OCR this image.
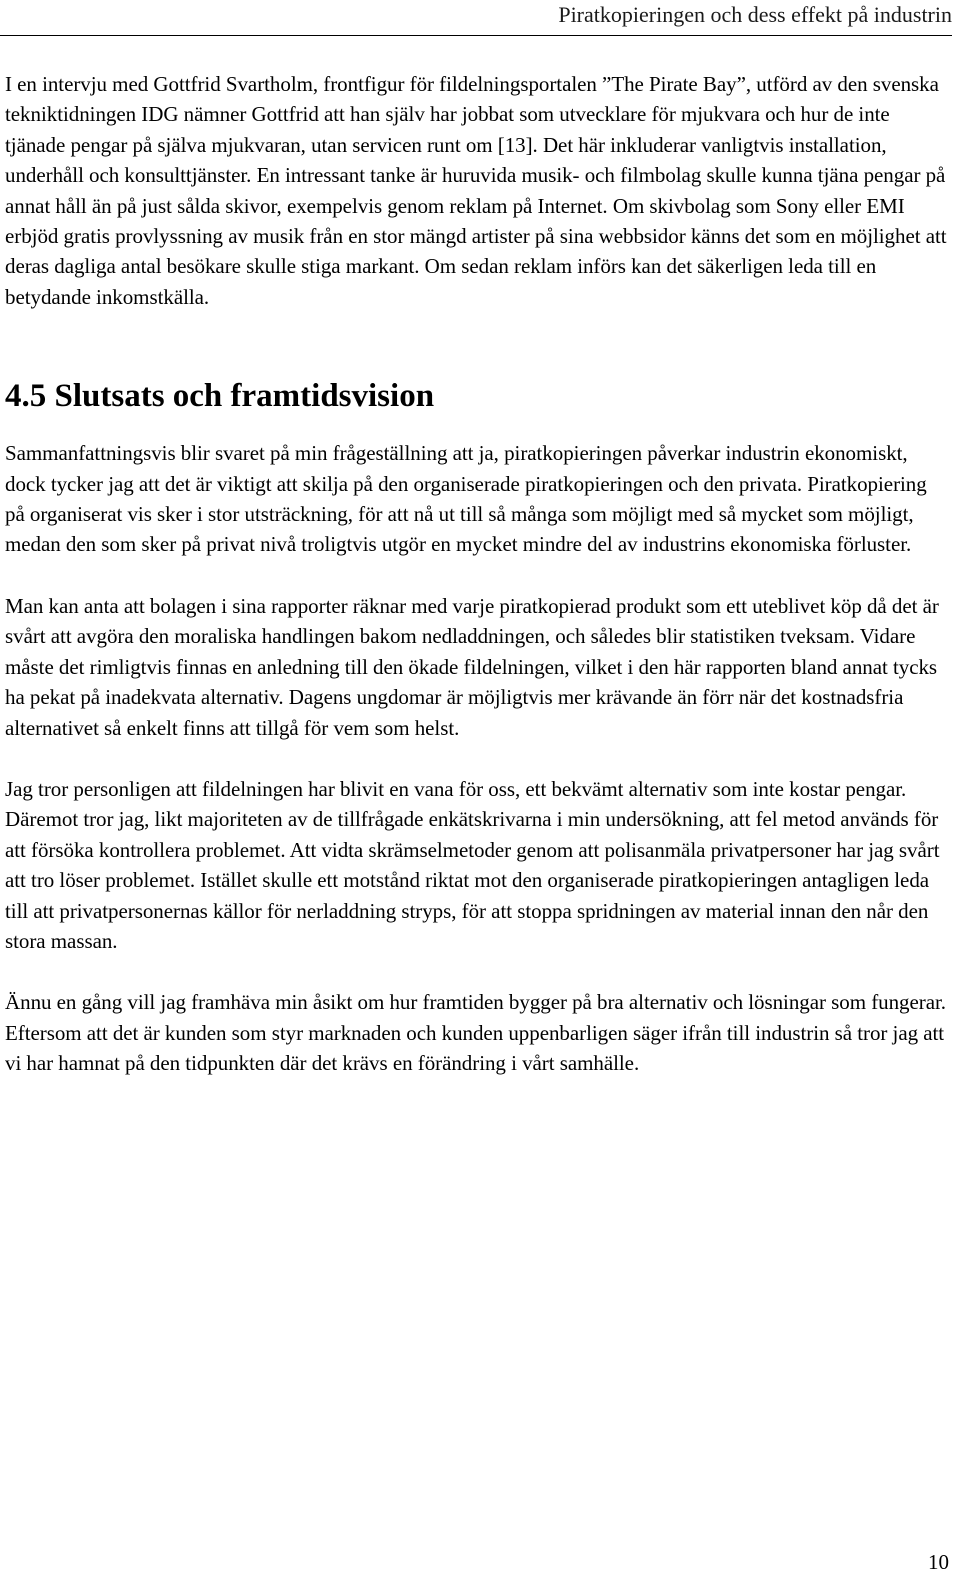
Piratkopieringen och dess effekt på industrin

I en intervju med Gottfrid Svartholm, frontfigur för fildelningsportalen ”The Pirate Bay”, utförd av den svenska tekniktidningen IDG nämner Gottfrid att han själv har jobbat som utvecklare för mjukvara och hur de inte tjänade pengar på själva mjukvaran, utan servicen runt om [13]. Det här inkluderar vanligtvis installation, underhåll och konsulttjänster. En intressant tanke är huruvida musik- och filmbolag skulle kunna tjäna pengar på annat håll än på just sålda skivor, exempelvis genom reklam på Internet. Om skivbolag som Sony eller EMI erbjöd gratis provlyssning av musik från en stor mängd artister på sina webbsidor känns det som en möjlighet att deras dagliga antal besökare skulle stiga markant. Om sedan reklam införs kan det säkerligen leda till en betydande inkomstkälla.

4.5 Slutsats och framtidsvision

Sammanfattningsvis blir svaret på min frågeställning att ja, piratkopieringen påverkar industrin ekonomiskt, dock tycker jag att det är viktigt att skilja på den organiserade piratkopieringen och den privata. Piratkopiering på organiserat vis sker i stor utsträckning, för att nå ut till så många som möjligt med så mycket som möjligt, medan den som sker på privat nivå troligtvis utgör en mycket mindre del av industrins ekonomiska förluster.

Man kan anta att bolagen i sina rapporter räknar med varje piratkopierad produkt som ett uteblivet köp då det är svårt att avgöra den moraliska handlingen bakom nedladdningen, och således blir statistiken tveksam. Vidare måste det rimligtvis finnas en anledning till den ökade fildelningen, vilket i den här rapporten bland annat tycks ha pekat på inadekvata alternativ. Dagens ungdomar är möjligtvis mer krävande än förr när det kostnadsfria alternativet så enkelt finns att tillgå för vem som helst.

Jag tror personligen att fildelningen har blivit en vana för oss, ett bekvämt alternativ som inte kostar pengar. Däremot tror jag, likt majoriteten av de tillfrågade enkätskrivarna i min undersökning, att fel metod används för att försöka kontrollera problemet. Att vidta skrämselmetoder genom att polisanmäla privatpersoner har jag svårt att tro löser problemet. Istället skulle ett motstånd riktat mot den organiserade piratkopieringen antagligen leda till att privatpersonernas källor för nerladdning stryps, för att stoppa spridningen av material innan den når den stora massan.

Ännu en gång vill jag framhäva min åsikt om hur framtiden bygger på bra alternativ och lösningar som fungerar. Eftersom att det är kunden som styr marknaden och kunden uppenbarligen säger ifrån till industrin så tror jag att vi har hamnat på den tidpunkten där det krävs en förändring i vårt samhälle.

10
